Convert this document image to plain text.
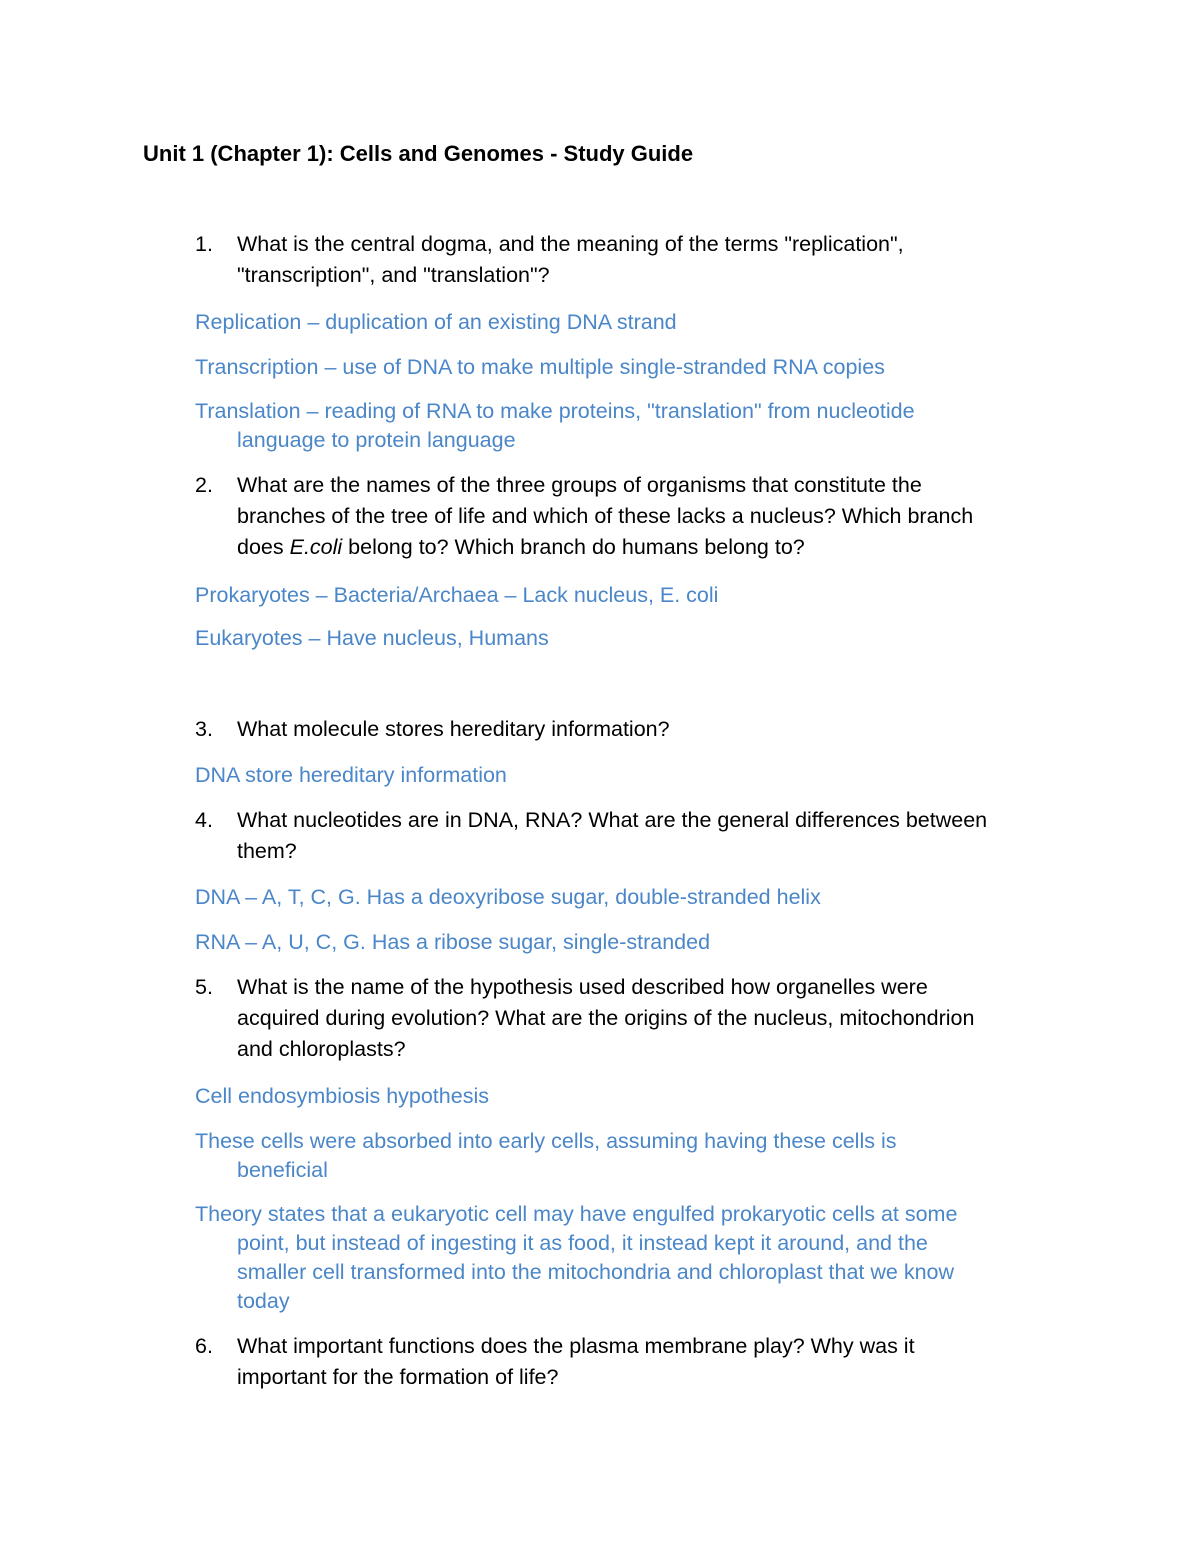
Unit 1 (Chapter 1): Cells and Genomes - Study Guide
1. What is the central dogma, and the meaning of the terms "replication",
"transcription", and "translation"?
Replication – duplication of an existing DNA strand
Transcription – use of DNA to make multiple single-stranded RNA copies
Translation – reading of RNA to make proteins, "translation" from nucleotide
language to protein language
2. What are the names of the three groups of organisms that constitute the
branches of the tree of life and which of these lacks a nucleus? Which branch
does E.coli belong to? Which branch do humans belong to?
Prokaryotes – Bacteria/Archaea – Lack nucleus, E. coli
Eukaryotes – Have nucleus, Humans
3. What molecule stores hereditary information?
DNA store hereditary information
4. What nucleotides are in DNA, RNA? What are the general differences between
them?
DNA – A, T, C, G. Has a deoxyribose sugar, double-stranded helix
RNA – A, U, C, G. Has a ribose sugar, single-stranded
5. What is the name of the hypothesis used described how organelles were
acquired during evolution? What are the origins of the nucleus, mitochondrion
and chloroplasts?
Cell endosymbiosis hypothesis
These cells were absorbed into early cells, assuming having these cells is
beneficial
Theory states that a eukaryotic cell may have engulfed prokaryotic cells at some
point, but instead of ingesting it as food, it instead kept it around, and the
smaller cell transformed into the mitochondria and chloroplast that we know
today
6. What important functions does the plasma membrane play? Why was it
important for the formation of life?
